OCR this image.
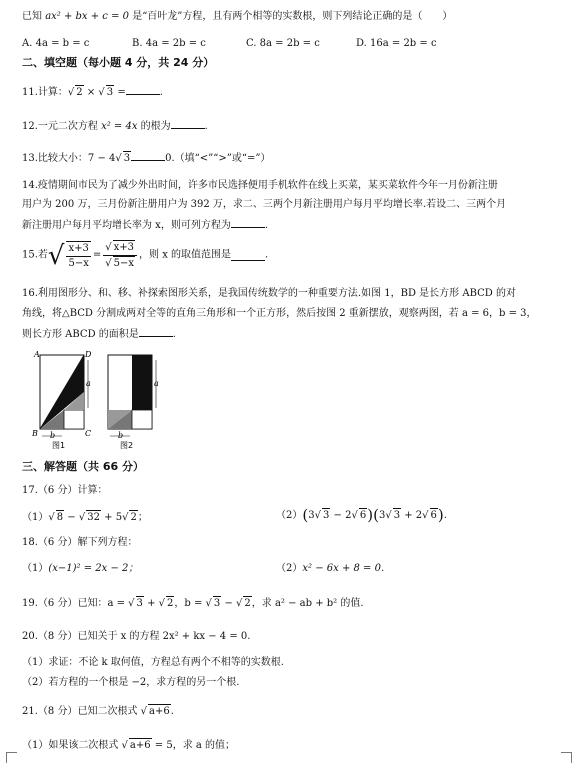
已知 ax² + bx + c = 0 是“百叶龙”方程，且有两个相等的实数根，则下列结论正确的是（　　）
A. 4a = b = c	B. 4a = 2b = c	C. 8a = 2b = c	D. 16a = 2b = c
二、填空题（每小题 4 分，共 24 分）
11.计算： √ 2 × √ 3 =	.
12.一元二次方程 x² = 4x 的根为	.
13.比较大小：7 − 4 √ 3	0.（填“<”“>”或“=”）
14.疫情期间市民为了减少外出时间，许多市民选择便用手机软件在线上买菜，某买菜软件今年一月份新注册
用户为 200 万，三月份新注册用户为 392 万，求二、三两个月新注册用户每月平均增长率.若设二、三两个月
新注册用户每月平均增长率为 x，则可列方程为	.
15.若√ $\frac{x+3}{5-x}$ = √ x+3
√ 5−x ，则 x 的取值范围是	.
16.利用图形分、和、移、补探索图形关系，是我国传统数学的一种重要方法.如图 1，BD 是长方形 ABCD 的对
角线，将△BCD 分割成两对全等的直角三角形和一个正方形，然后按图 2 重新摆放，观察两图，若 a = 6，b = 3，
则长方形 ABCD 的面积是	.
A	D
B	C
a
b
图1
a
b
图2
三、解答题（共 66 分）
17.（6 分）计算：
（1） √ 8 − √ 32 + 5 √ 2；	（2）(3 √ 3 − 2 √ 6)(3 √ 3 + 2 √ 6).
18.（6 分）解下列方程：
（1）(x−1)² = 2x − 2；	（2）x² − 6x + 8 = 0.
19.（6 分）已知：a = √ 3 + √ 2，b = √ 3 − √ 2，求 a² − ab + b² 的值.
20.（8 分）已知关于 x 的方程 2x² + kx − 4 = 0.
（1）求证：不论 k 取何值，方程总有两个不相等的实数根.
（2）若方程的一个根是 −2，求方程的另一个根.
21.（8 分）已知二次根式 √ a+6.
（1）如果该二次根式 √ a+6 = 5，求 a 的值；
